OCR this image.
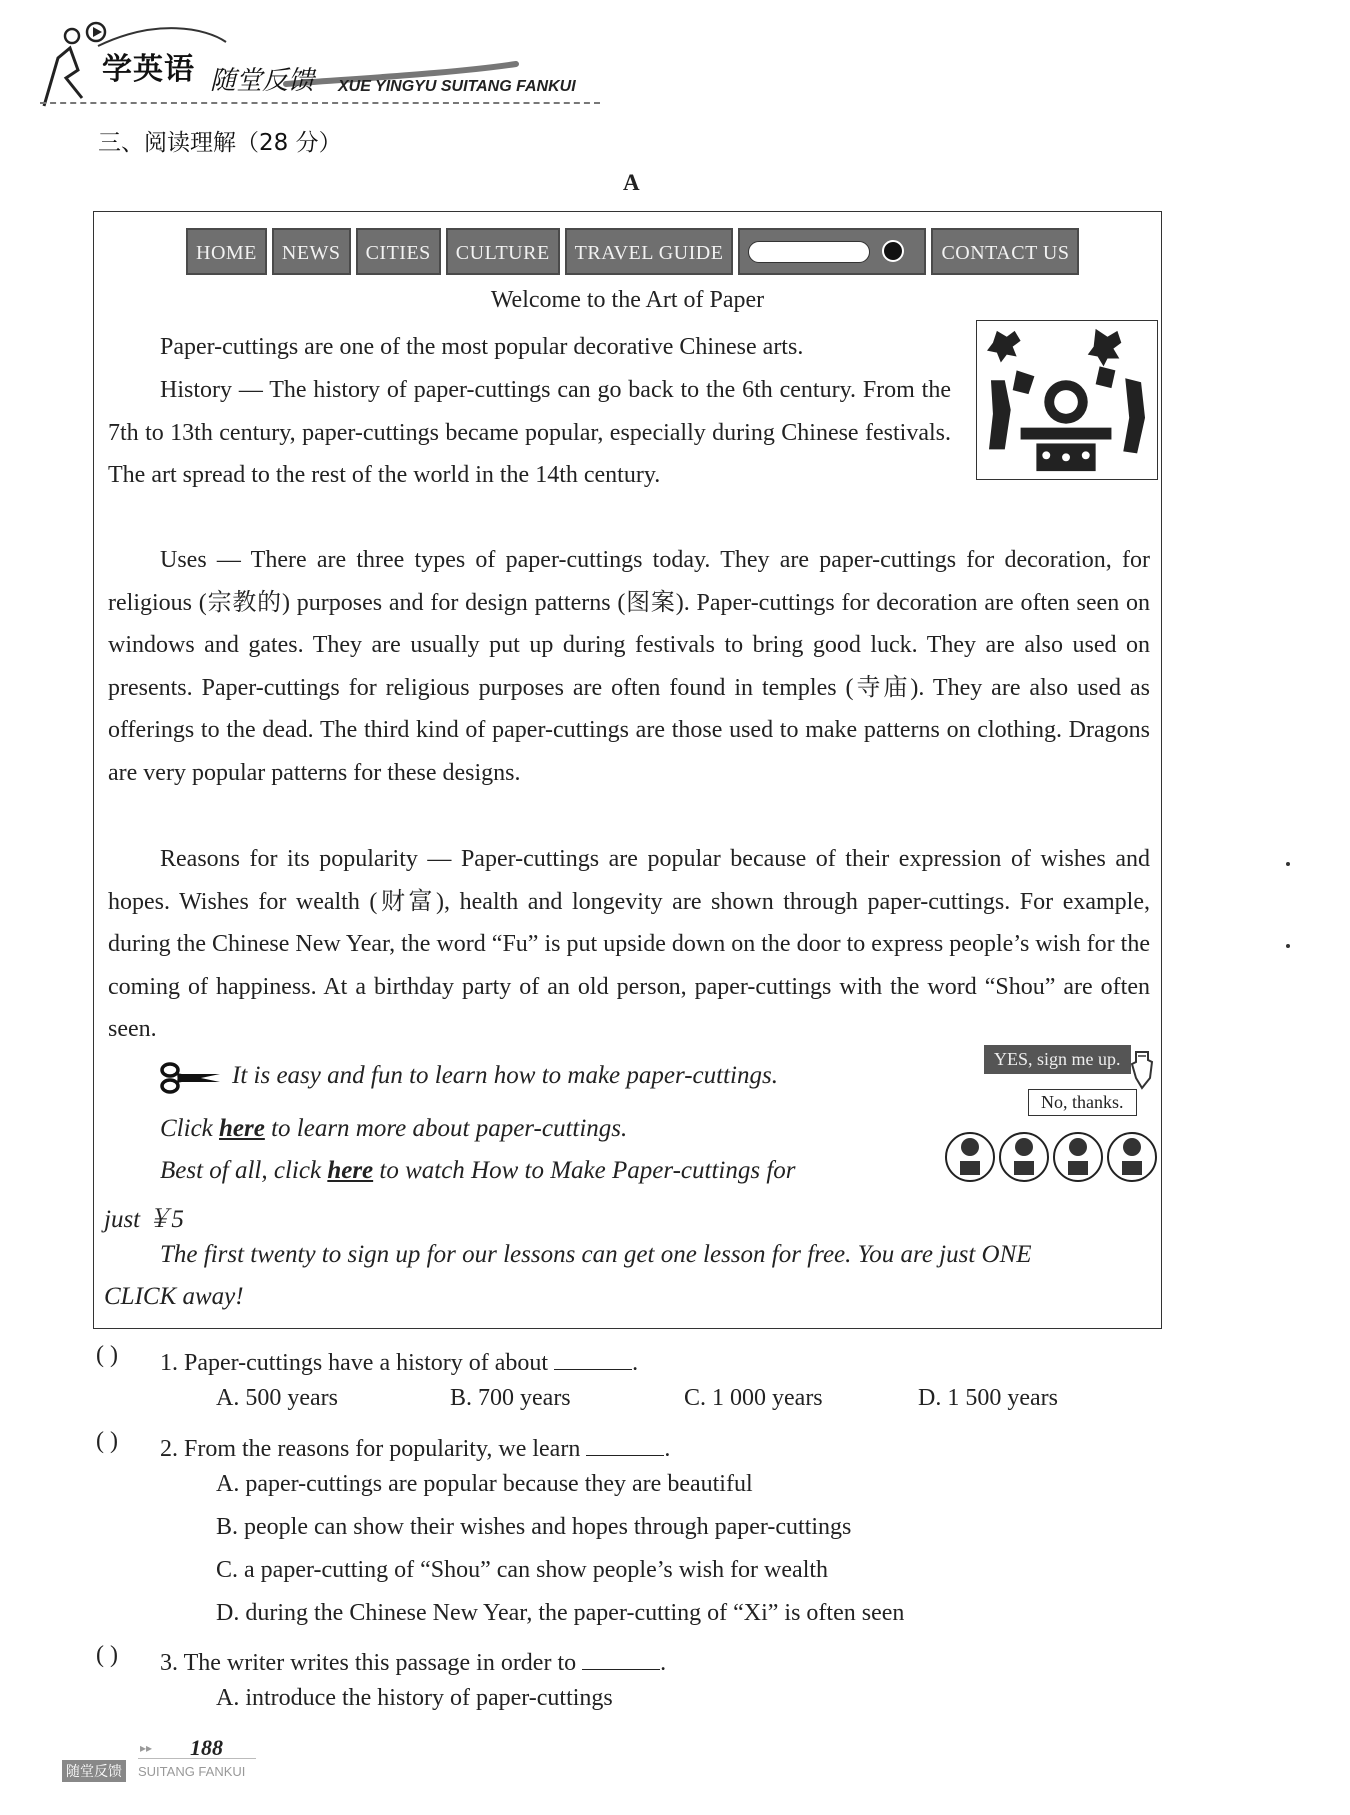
学英语 随堂反馈 XUE YINGYU SUITANG FANKUI
三、阅读理解（28 分）
A
HOME	NEWS	CITIES	CULTURE	TRAVEL GUIDE	CONTACT US
Welcome to the Art of Paper
Paper-cuttings are one of the most popular decorative Chinese arts.
History — The history of paper-cuttings can go back to the 6th century. From the 7th to 13th century, paper-cuttings became popular, especially during Chinese festivals. The art spread to the rest of the world in the 14th century.
Uses — There are three types of paper-cuttings today. They are paper-cuttings for decoration, for religious (宗教的) purposes and for design patterns (图案). Paper-cuttings for decoration are often seen on windows and gates. They are usually put up during festivals to bring good luck. They are also used on presents. Paper-cuttings for religious purposes are often found in temples (寺庙). They are also used as offerings to the dead. The third kind of paper-cuttings are those used to make patterns on clothing. Dragons are very popular patterns for these designs.
Reasons for its popularity — Paper-cuttings are popular because of their expression of wishes and hopes. Wishes for wealth (财富), health and longevity are shown through paper-cuttings. For example, during the Chinese New Year, the word “Fu” is put upside down on the door to express people’s wish for the coming of happiness. At a birthday party of an old person, paper-cuttings with the word “Shou” are often seen.
It is easy and fun to learn how to make paper-cuttings.
Click here to learn more about paper-cuttings.
Best of all, click here to watch How to Make Paper-cuttings for
just ￥5
The first twenty to sign up for our lessons can get one lesson for free. You are just ONE
CLICK away!
YES, sign me up.
No, thanks.
( ) 1. Paper-cuttings have a history of about	.
A. 500 years	B. 700 years	C. 1 000 years	D. 1 500 years
( ) 2. From the reasons for popularity, we learn	.
A. paper-cuttings are popular because they are beautiful
B. people can show their wishes and hopes through paper-cuttings
C. a paper-cutting of “Shou” can show people’s wish for wealth
D. during the Chinese New Year, the paper-cutting of “Xi” is often seen
( ) 3. The writer writes this passage in order to	.
A. introduce the history of paper-cuttings
▸▸ 188
随堂反馈	SUITANG FANKUI
